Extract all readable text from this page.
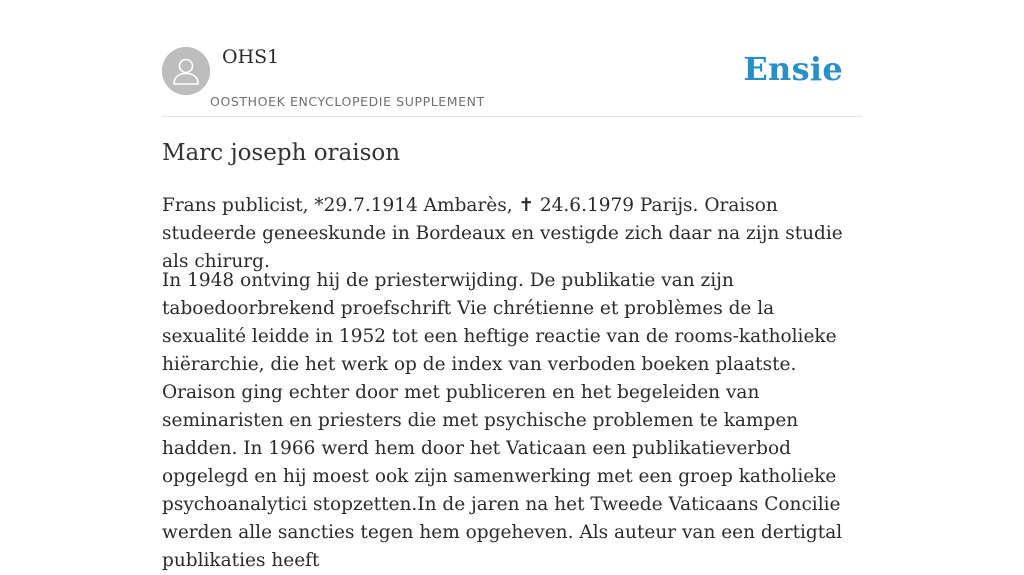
OHS1
OOSTHOEK ENCYCLOPEDIE SUPPLEMENT
Ensie
Marc joseph oraison

Frans publicist, *29.7.1914 Ambarès, ✝ 24.6.1979 Parijs. Oraison studeerde geneeskunde in Bordeaux en vestigde zich daar na zijn studie als chirurg.

In 1948 ontving hij de priesterwijding. De publikatie van zijn taboedoorbrekend proefschrift Vie chrétienne et problèmes de la sexualité leidde in 1952 tot een heftige reactie van de rooms-katholieke hiërarchie, die het werk op de index van verboden boeken plaatste. Oraison ging echter door met publiceren en het begeleiden van seminaristen en priesters die met psychische problemen te kampen hadden. In 1966 werd hem door het Vaticaan een publikatieverbod opgelegd en hij moest ook zijn samenwerking met een groep katholieke psychoanalytici stopzetten.In de jaren na het Tweede Vaticaans Concilie werden alle sancties tegen hem opgeheven. Als auteur van een dertigtal publikaties heeft
